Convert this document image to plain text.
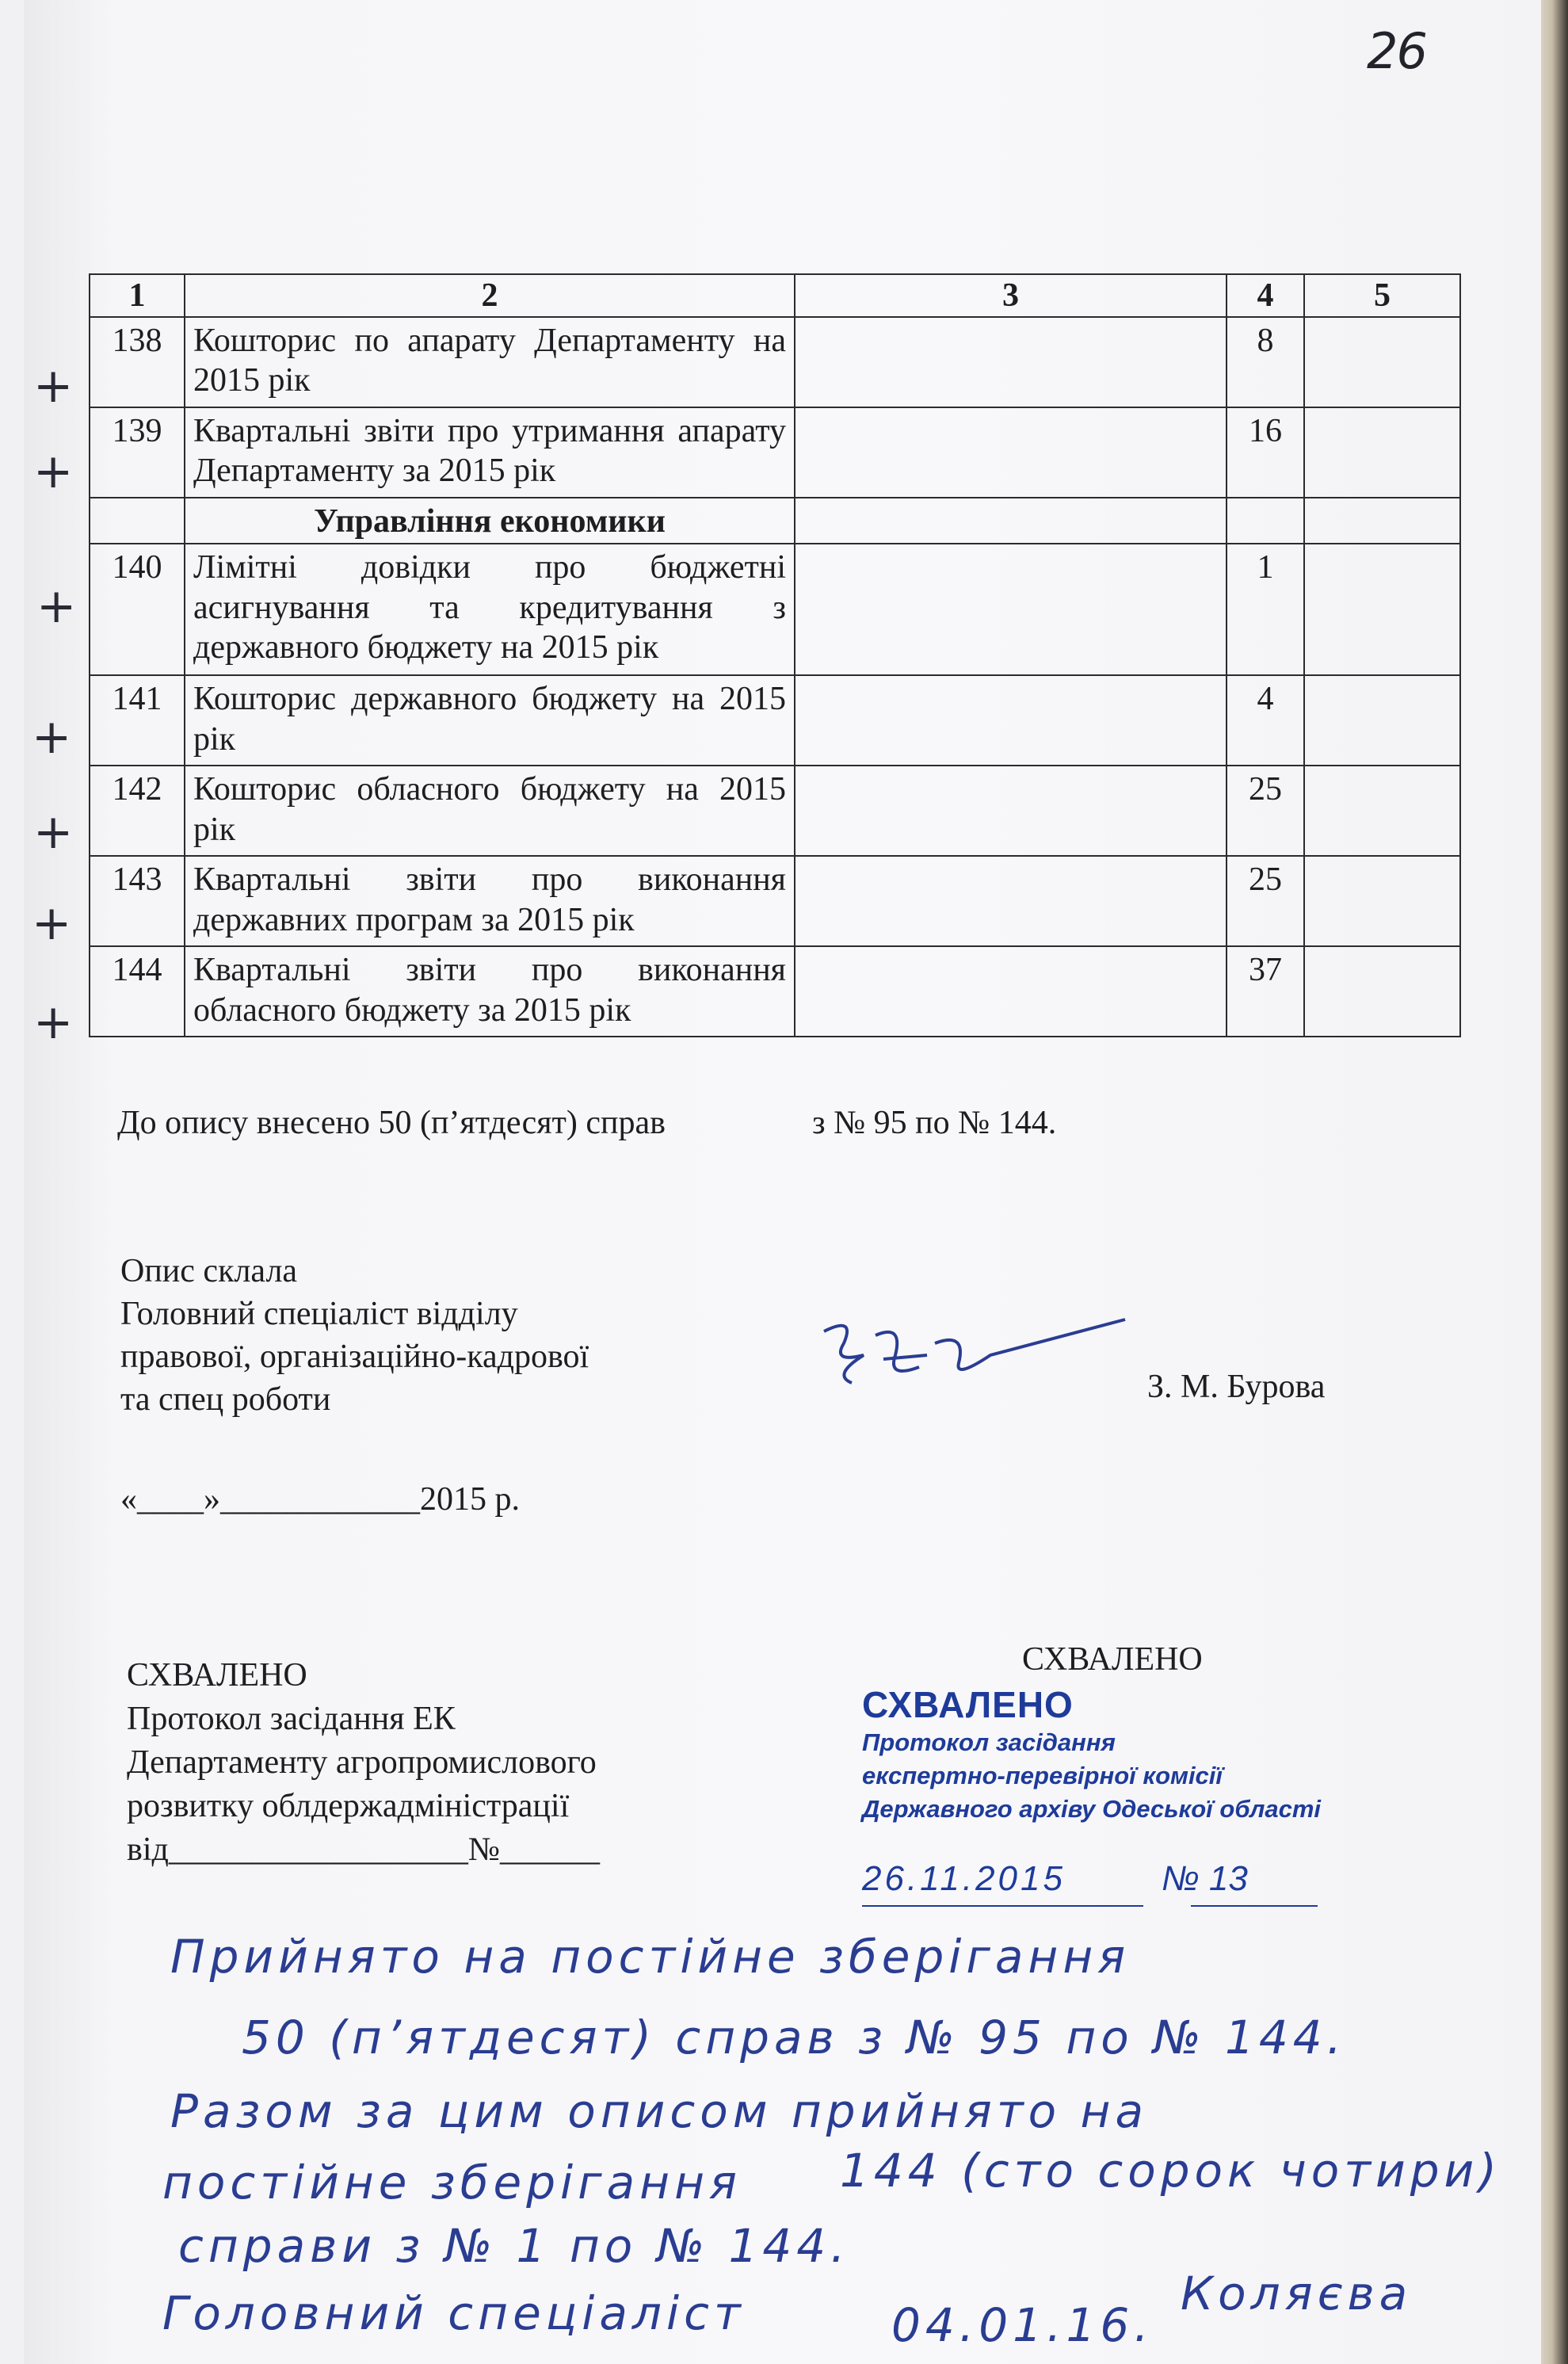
26
1	2	3	4	5
138	Кошторис по апарату Департаменту на 2015 рік		8	
139	Квартальні звіти про утримання апарату Департаменту за 2015 рік		16	
	Управління економики			
140	Лімітні довідки про бюджетні асигнування та кредитування з державного бюджету на 2015 рік		1	
141	Кошторис державного бюджету на 2015 рік		4	
142	Кошторис обласного бюджету на 2015 рік		25	
143	Квартальні звіти про виконання державних програм за 2015 рік		25	
144	Квартальні звіти про виконання обласного бюджету за 2015 рік		37	
+
+
+
+
+
+
+
До опису внесено 50 (п’ятдесят) справ	з № 95 по № 144.
Опис склала
Головний спеціаліст відділу
правової, організаційно-кадрової
та спец роботи	З. М. Бурова
«____»____________2015 р.
СХВАЛЕНО
Протокол засідання ЕК
Департаменту агропромислового
розвитку облдержадміністрації
від__________________№______
СХВАЛЕНО
СХВАЛЕНО
Протокол засідання
експертно-перевірної комісії
Державного архіву Одеської області
26.11.2015	№ 13
Прийнято на постійне зберігання
50 (п’ятдесят) справ з № 95 по № 144.
Разом за цим описом прийнято на
постійне зберігання 144 (сто сорок чотири)
справи з № 1 по № 144.
Головний спеціаліст	04.01.16.
Коляєва
